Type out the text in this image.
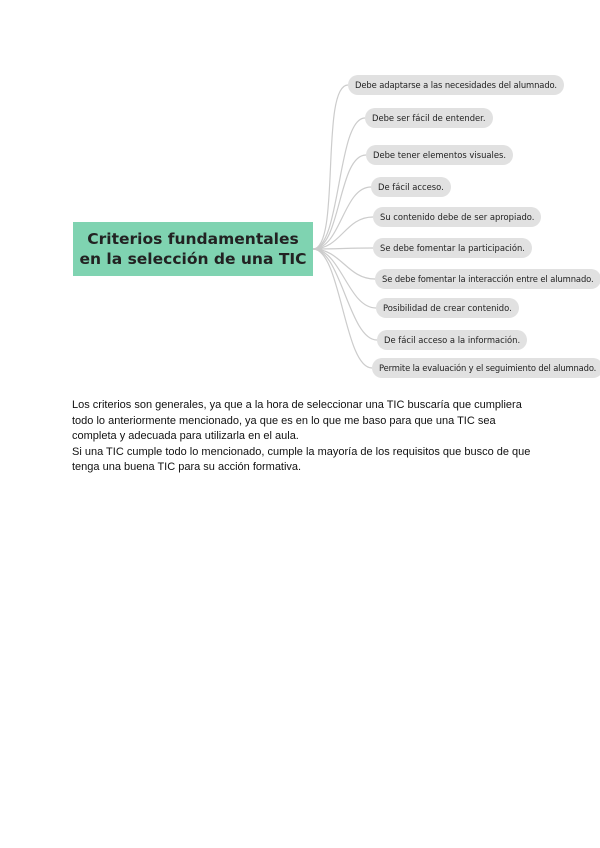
Criterios fundamentales en la selección de una TIC
Debe adaptarse a las necesidades del alumnado.
Debe ser fácil de entender.
Debe tener elementos visuales.
De fácil acceso.
Su contenido debe de ser apropiado.
Se debe fomentar la participación.
Se debe fomentar la interacción entre el alumnado.
Posibilidad de crear contenido.
De fácil acceso a la información.
Permite la evaluación y el seguimiento del alumnado.

Los criterios son generales, ya que a la hora de seleccionar una TIC buscaría que cumpliera todo lo anteriormente mencionado, ya que es en lo que me baso para que una TIC sea completa y adecuada para utilizarla en el aula.

Si una TIC cumple todo lo mencionado, cumple la mayoría de los requisitos que busco de que tenga una buena TIC para su acción formativa.
